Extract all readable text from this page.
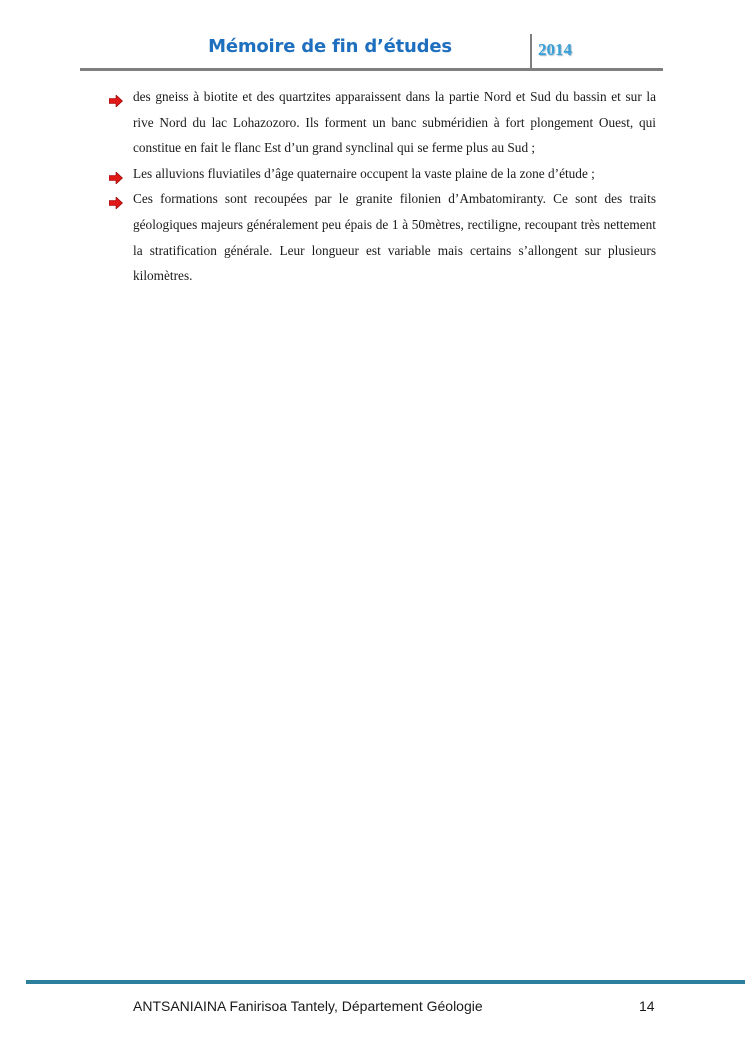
Mémoire de fin d’études	2014
des gneiss à biotite et des quartzites apparaissent dans la partie Nord et Sud du bassin et sur la rive Nord du lac Lohazozoro. Ils forment un banc subméridien à fort plongement Ouest, qui constitue en fait le flanc Est d’un grand synclinal qui se ferme plus au Sud ;
Les alluvions fluviatiles d’âge quaternaire occupent la vaste plaine de la zone d’étude ;
Ces formations sont recoupées par le granite filonien d’Ambatomiranty. Ce sont des traits géologiques majeurs généralement peu épais de 1 à 50mètres, rectiligne, recoupant très nettement la stratification générale. Leur longueur est variable mais certains s’allongent sur plusieurs kilomètres.
ANTSANIAINA Fanirisoa Tantely, Département Géologie	14
